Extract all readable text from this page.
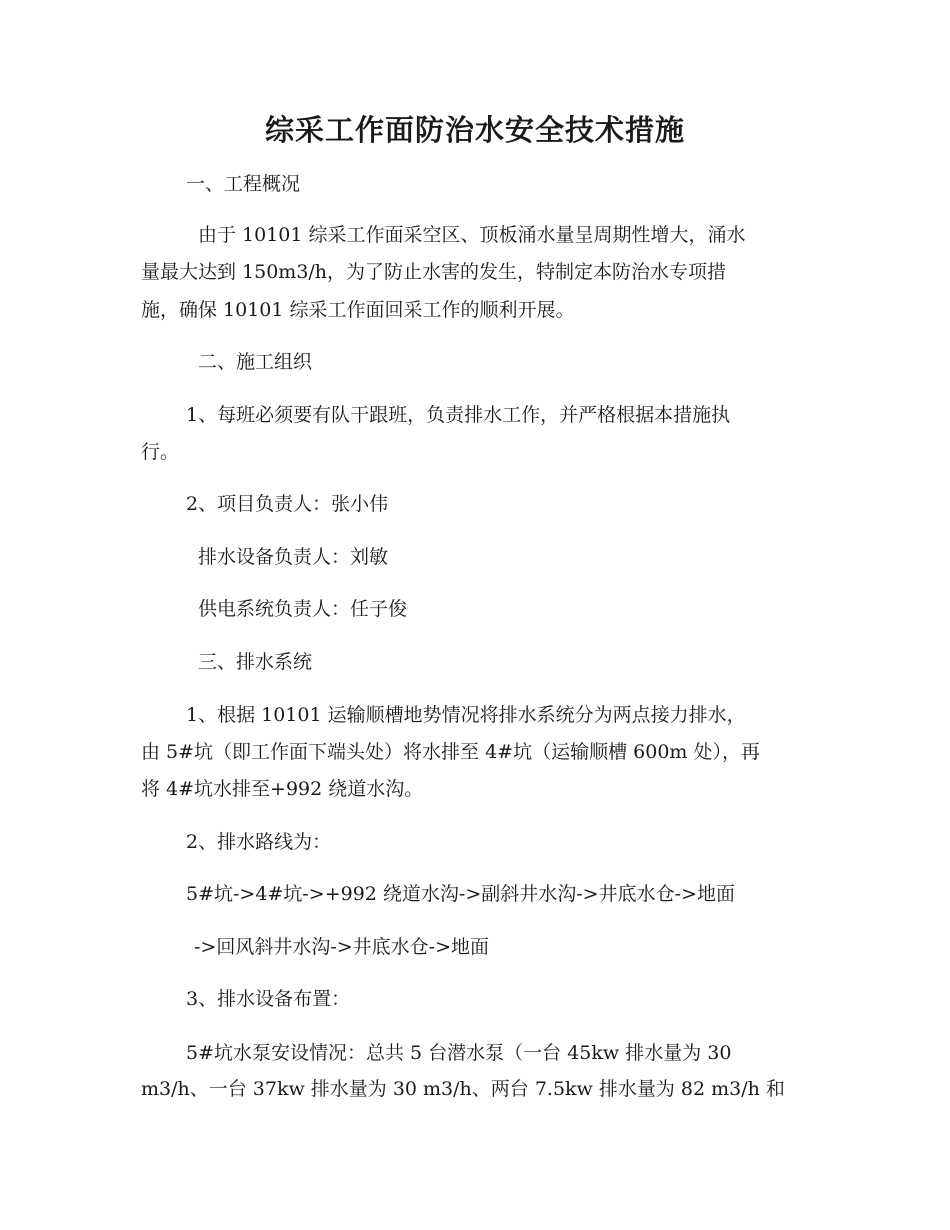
综采工作面防治水安全技术措施
一、工程概况
由于 10101 综采工作面采空区、顶板涌水量呈周期性增大，涌水
量最大达到 150m3/h，为了防止水害的发生，特制定本防治水专项措
施，确保 10101 综采工作面回采工作的顺利开展。
二、施工组织
1、每班必须要有队干跟班，负责排水工作，并严格根据本措施执
行。
2、项目负责人：张小伟
排水设备负责人：刘敏
供电系统负责人：任子俊
三、排水系统
1、根据 10101 运输顺槽地势情况将排水系统分为两点接力排水，
由 5#坑（即工作面下端头处）将水排至 4#坑（运输顺槽 600m 处），再
将 4#坑水排至+992 绕道水沟。
2、排水路线为：
5#坑->4#坑->+992 绕道水沟->副斜井水沟->井底水仓->地面
->回风斜井水沟->井底水仓->地面
3、排水设备布置：
5#坑水泵安设情况：总共 5 台潜水泵（一台 45kw 排水量为 30
m3/h、一台 37kw 排水量为 30 m3/h、两台 7.5kw 排水量为 82 m3/h 和
